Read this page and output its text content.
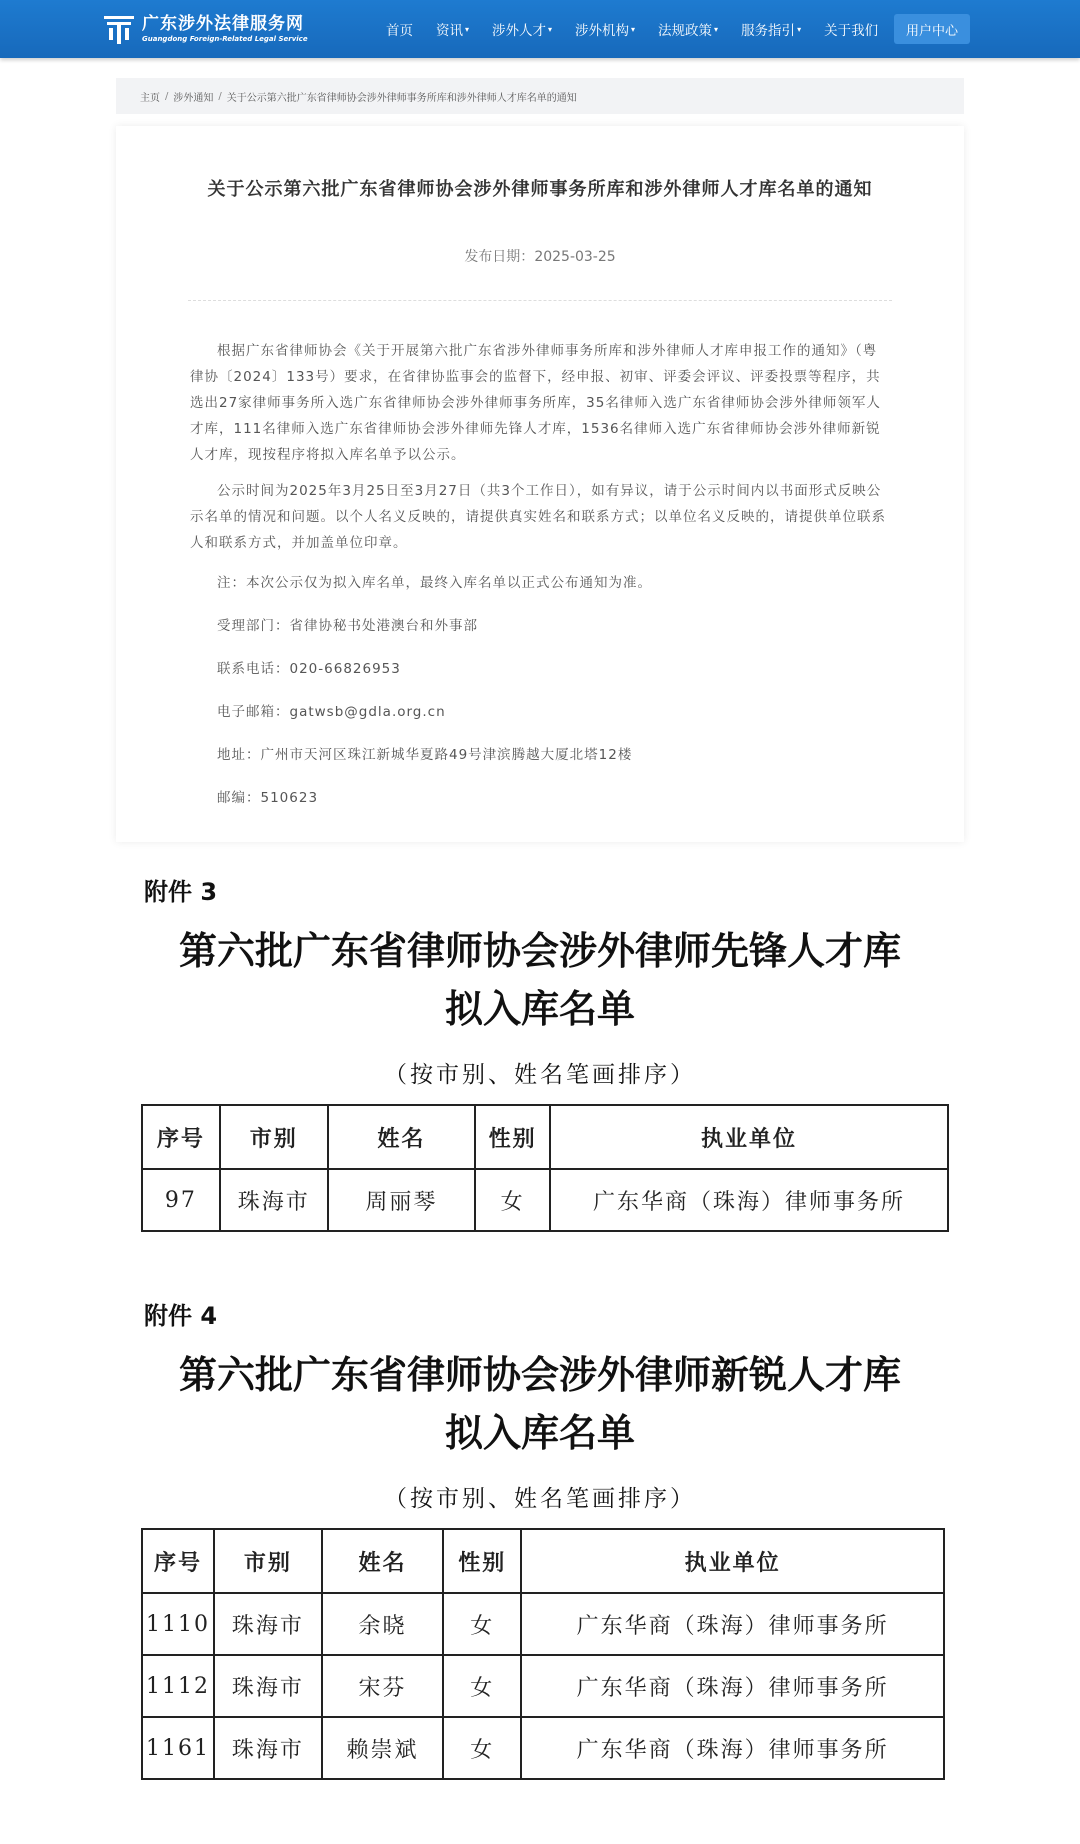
广东涉外法律服务网
Guangdong Foreign-Related Legal Service	首页 资讯 ▾ 涉外人才 ▾ 涉外机构 ▾ 法规政策 ▾ 服务指引 ▾ 关于我们	用户中心
主页 / 涉外通知 / 关于公示第六批广东省律师协会涉外律师事务所库和涉外律师人才库名单的通知
关于公示第六批广东省律师协会涉外律师事务所库和涉外律师人才库名单的通知
发布日期：2025-03-25

根据广东省律师协会《关于开展第六批广东省涉外律师事务所库和涉外律师人才库申报工作的通知》（粤律协〔2024〕133号）要求，在省律协监事会的监督下，经申报、初审、评委会评议、评委投票等程序，共选出27家律师事务所入选广东省律师协会涉外律师事务所库，35名律师入选广东省律师协会涉外律师领军人才库，111名律师入选广东省律师协会涉外律师先锋人才库，1536名律师入选广东省律师协会涉外律师新锐人才库，现按程序将拟入库名单予以公示。

公示时间为2025年3月25日至3月27日（共3个工作日），如有异议，请于公示时间内以书面形式反映公示名单的情况和问题。以个人名义反映的，请提供真实姓名和联系方式；以单位名义反映的，请提供单位联系人和联系方式，并加盖单位印章。

注：本次公示仅为拟入库名单，最终入库名单以正式公布通知为准。
受理部门：省律协秘书处港澳台和外事部
联系电话：020-66826953
电子邮箱：gatwsb@gdla.org.cn
地址：广州市天河区珠江新城华夏路49号津滨腾越大厦北塔12楼
邮编：510623
附件 3
第六批广东省律师协会涉外律师先锋人才库
拟入库名单
（按市别、姓名笔画排序）
序号	市别	姓名	性别	执业单位
97	珠海市	周丽琴	女	广东华商（珠海）律师事务所
附件 4
第六批广东省律师协会涉外律师新锐人才库
拟入库名单
（按市别、姓名笔画排序）
序号	市别	姓名	性别	执业单位
1110	珠海市	余晓	女	广东华商（珠海）律师事务所
1112	珠海市	宋芬	女	广东华商（珠海）律师事务所
1161	珠海市	赖崇斌	女	广东华商（珠海）律师事务所
